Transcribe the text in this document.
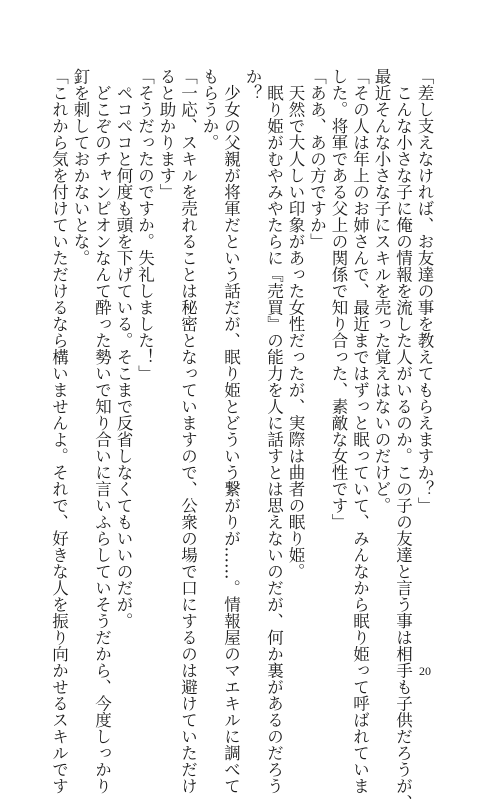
「差し支えなければ、お友達の事を教えてもらえますか？」

　こんな小さな子に俺の情報を流した人がいるのか。この子の友達と言う事は相手も子供だろうが、

最近そんな小さな子にスキルを売った覚えはないのだけど。

「その人は年上のお姉さんで、最近まではずっと眠っていて、みんなから眠り姫って呼ばれていま

した。将軍である父上の関係で知り合った、素敵な女性です」

「ああ、あの方ですか」

　天然で大人しい印象があった女性だったが、実際は曲者の眠り姫。

　眠り姫がむやみやたらに『売買』の能力を人に話すとは思えないのだが、何か裏があるのだろう

か？

　少女の父親が将軍だという話だが、眠り姫とどういう繋がりが……。情報屋のマエキルに調べて

もらうか。

「一応、スキルを売れることは秘密となっていますので、公衆の場で口にするのは避けていただけ

ると助かります」

「そうだったのですか。失礼しました！」

　ペコペコと何度も頭を下げている。そこまで反省しなくてもいいのだが。

　どこぞのチャンピオンなんて酔った勢いで知り合いに言いふらしていそうだから、今度しっかり

釘を刺しておかないとな。

「これから気を付けていただけるなら構いませんよ。それで、好きな人を振り向かせるスキルです	20
